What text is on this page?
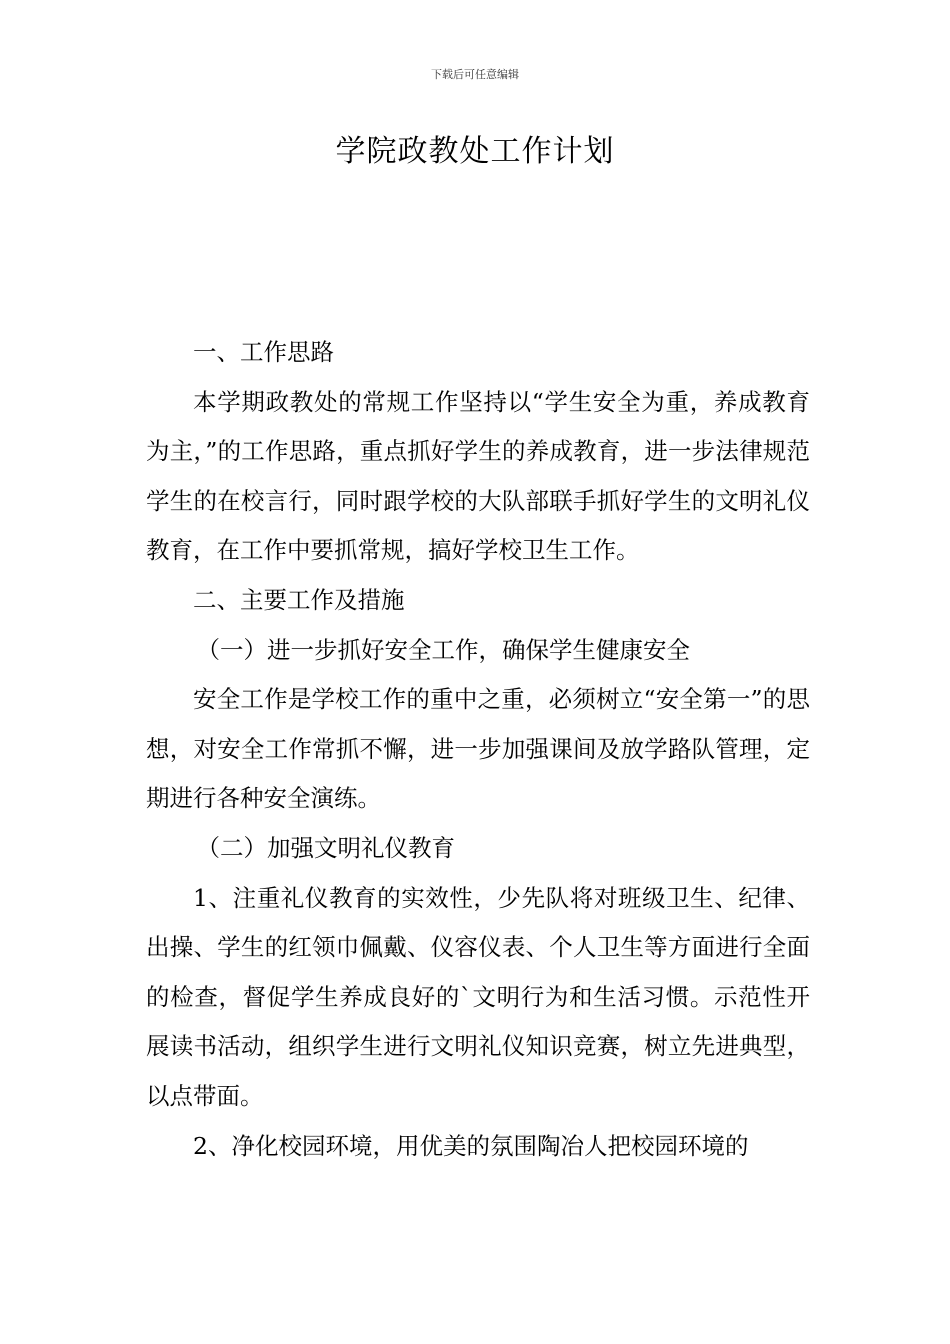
下载后可任意编辑
学院政教处工作计划

一、工作思路

本学期政教处的常规工作坚持以“学生安全为重，养成教育为主，”的工作思路，重点抓好学生的养成教育，进一步法律规范学生的在校言行，同时跟学校的大队部联手抓好学生的文明礼仪教育，在工作中要抓常规，搞好学校卫生工作。

二、主要工作及措施

（一）进一步抓好安全工作，确保学生健康安全

安全工作是学校工作的重中之重，必须树立“安全第一”的思想，对安全工作常抓不懈，进一步加强课间及放学路队管理，定期进行各种安全演练。

（二）加强文明礼仪教育

1、注重礼仪教育的实效性，少先队将对班级卫生、纪律、出操、学生的红领巾佩戴、仪容仪表、个人卫生等方面进行全面的检查，督促学生养成良好的`文明行为和生活习惯。示范性开展读书活动，组织学生进行文明礼仪知识竞赛，树立先进典型，以点带面。

2、净化校园环境，用优美的氛围陶冶人把校园环境的
